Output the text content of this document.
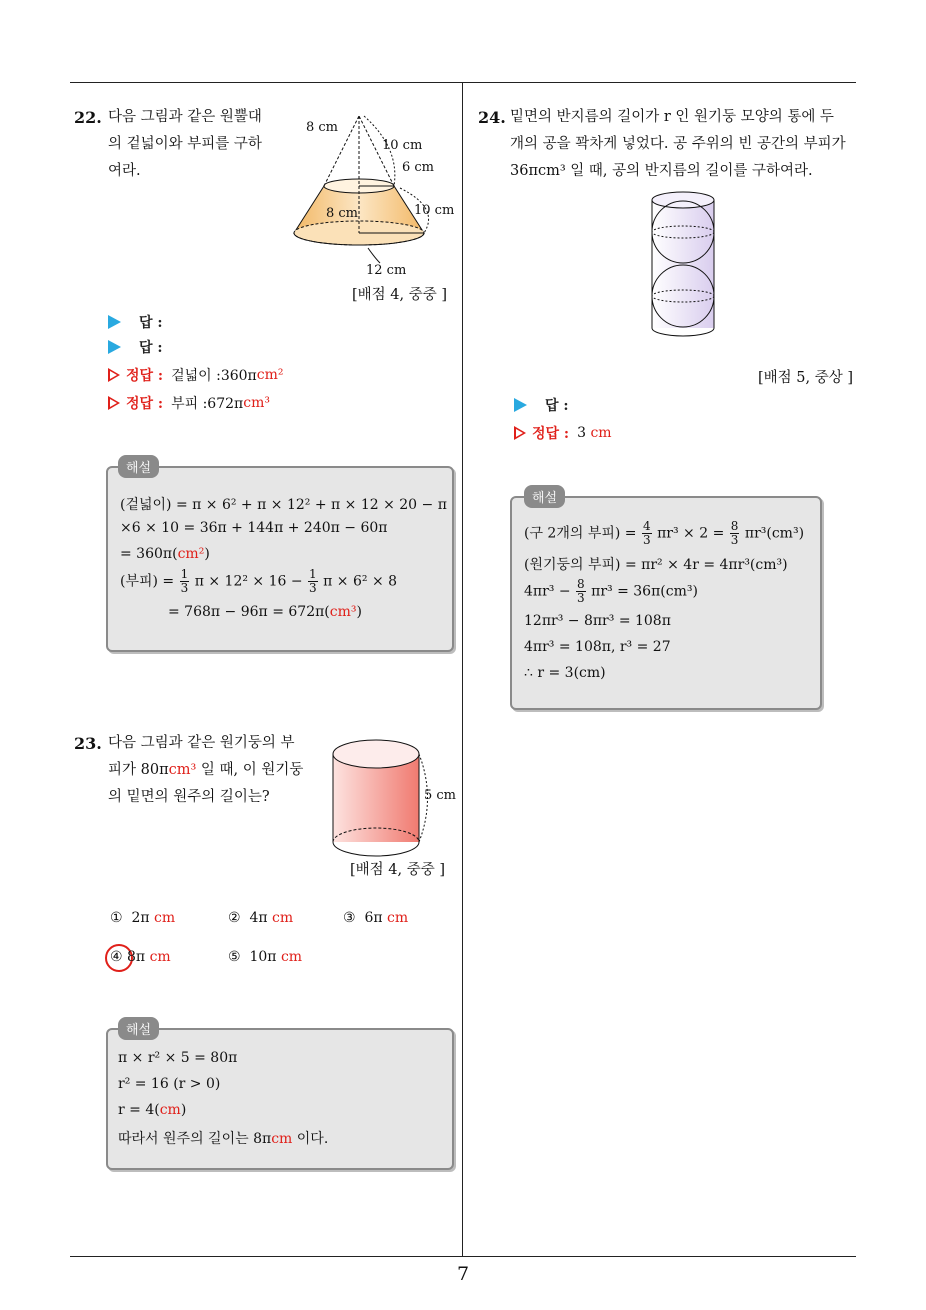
22. 다음 그림과 같은 원뿔대
의 겉넓이와 부피를 구하
여라.
8 cm
10 cm
6 cm
8 cm	10 cm
12 cm
[배점 4, 중중 ]
답 :
답 :
정답 : 겉넓이 :360π cm²
정답 : 부피 :672π cm³
해설
(겉넓이) = π × 6² + π × 12² + π × 12 × 20 − π
×6 × 10 = 36π + 144π + 240π − 60π
= 360π(cm²)
(부피) = $\frac{1}{3}$ $\pi \times 12^2 \times 16 - \frac{1}{3}$ π × 6² × 8
= 768π − 96π = 672π(cm³)
23. 다음 그림과 같은 원기둥의 부
피가 80πcm³ 일 때, 이 원기둥
의 밑면의 원주의 길이는?	5 cm
[배점 4, 중중 ]
① 2π cm	② 4π cm	③ 6π cm
④ 8π cm	⑤ 10π cm
해설
π × r² × 5 = 80π
r² = 16 (r > 0)
r = 4(cm)
따라서 원주의 길이는 8πcm 이다.
24. 밑면의 반지름의 길이가 r 인 원기둥 모양의 통에 두
개의 공을 꽉차게 넣었다. 공 주위의 빈 공간의 부피가
36πcm³ 일 때, 공의 반지름의 길이를 구하여라.
[배점 5, 중상 ]
답 :
정답 : 3
cm
해설
(구 2개의 부피) = $\frac{4}{3} \pi r^3 \times 2 = \frac{8}{3} \pi r^3(cm^3)$
(원기둥의 부피) = πr² × 4r = 4πr³(cm³)
$4\pi r^3 - \frac{8}{3} \pi r^3 = 36\pi(cm^3)$
12πr³ − 8πr³ = 108π
4πr³ = 108π, r³ = 27
∴ r = 3(cm)
7
